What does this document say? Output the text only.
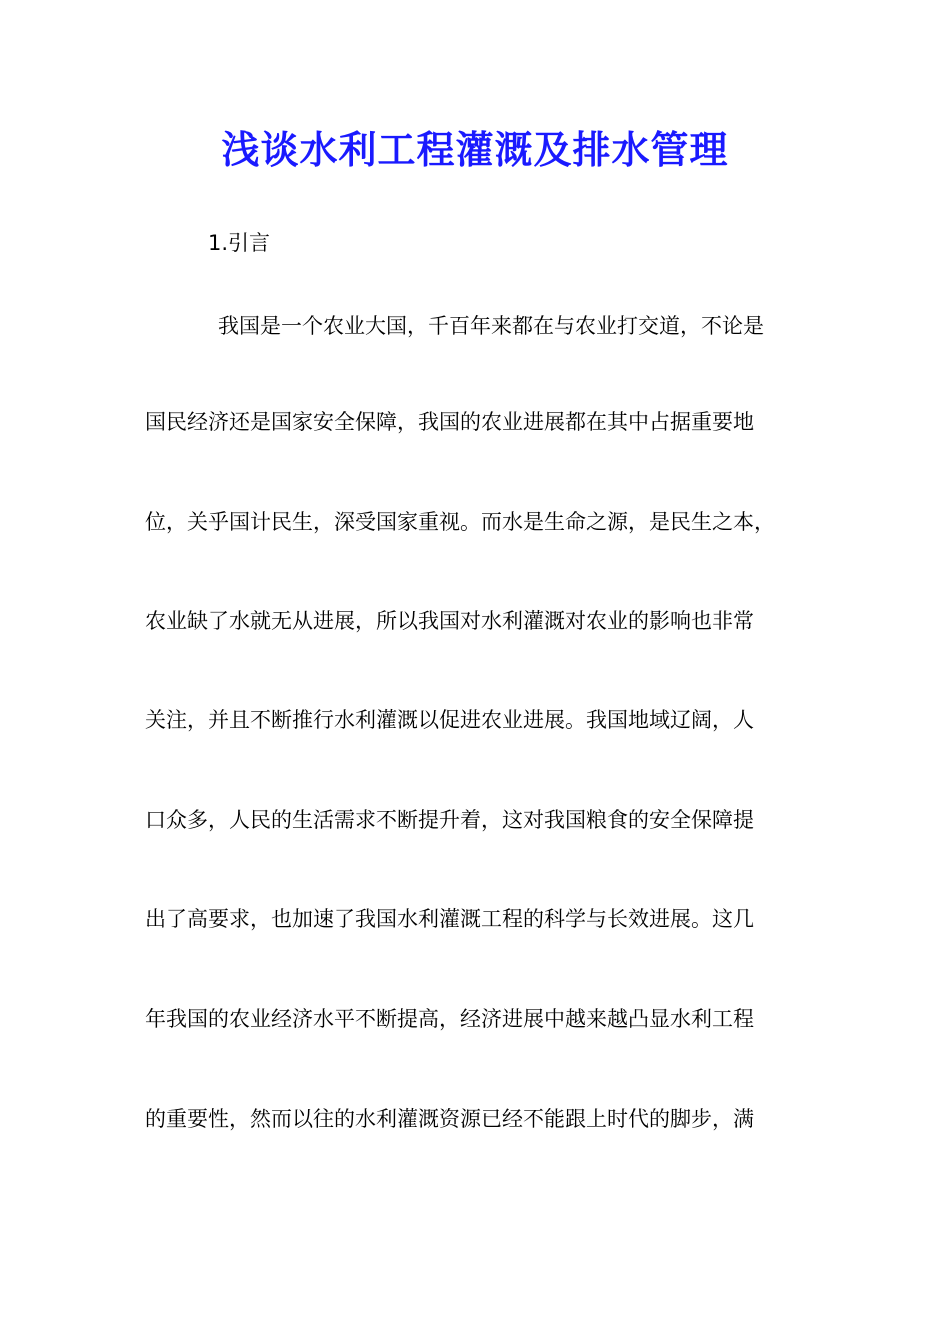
浅谈水利工程灌溉及排水管理

1.引言

我国是一个农业大国，千百年来都在与农业打交道，不论是

国民经济还是国家安全保障，我国的农业进展都在其中占据重要地

位，关乎国计民生，深受国家重视。而水是生命之源，是民生之本，

农业缺了水就无从进展，所以我国对水利灌溉对农业的影响也非常

关注，并且不断推行水利灌溉以促进农业进展。我国地域辽阔，人

口众多，人民的生活需求不断提升着，这对我国粮食的安全保障提

出了高要求，也加速了我国水利灌溉工程的科学与长效进展。这几

年我国的农业经济水平不断提高，经济进展中越来越凸显水利工程

的重要性，然而以往的水利灌溉资源已经不能跟上时代的脚步，满
